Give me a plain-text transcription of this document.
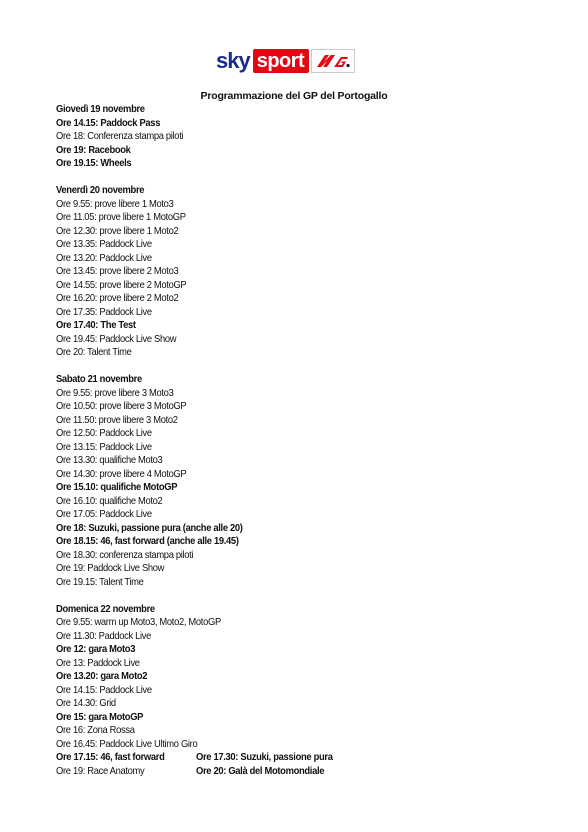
sky sport
Programmazione del GP del Portogallo
Giovedì 19 novembre
Ore 14.15: Paddock Pass
Ore 18: Conferenza stampa piloti
Ore 19: Racebook
Ore 19.15: Wheels
Venerdì 20 novembre
Ore 9.55: prove libere 1 Moto3
Ore 11.05: prove libere 1 MotoGP
Ore 12.30: prove libere 1 Moto2
Ore 13.35: Paddock Live
Ore 13.20: Paddock Live
Ore 13.45: prove libere 2 Moto3
Ore 14.55: prove libere 2 MotoGP
Ore 16.20: prove libere 2 Moto2
Ore 17.35: Paddock Live
Ore 17.40: The Test
Ore 19.45: Paddock Live Show
Ore 20: Talent Time
Sabato 21 novembre
Ore 9.55: prove libere 3 Moto3
Ore 10.50: prove libere 3 MotoGP
Ore 11.50: prove libere 3 Moto2
Ore 12.50: Paddock Live
Ore 13.15: Paddock Live
Ore 13.30: qualifiche Moto3
Ore 14.30: prove libere 4 MotoGP
Ore 15.10: qualifiche MotoGP
Ore 16.10: qualifiche Moto2
Ore 17.05: Paddock Live
Ore 18: Suzuki, passione pura (anche alle 20)
Ore 18.15: 46, fast forward (anche alle 19.45)
Ore 18.30: conferenza stampa piloti
Ore 19: Paddock Live Show
Ore 19.15: Talent Time
Domenica 22 novembre
Ore 9.55: warm up Moto3, Moto2, MotoGP
Ore 11.30: Paddock Live
Ore 12: gara Moto3
Ore 13: Paddock Live
Ore 13.20: gara Moto2
Ore 14.15: Paddock Live
Ore 14.30: Grid
Ore 15: gara MotoGP
Ore 16: Zona Rossa
Ore 16.45: Paddock Live Ultimo Giro
Ore 17.15: 46, fast forward	Ore 17.30: Suzuki, passione pura
Ore 19: Race Anatomy	Ore 20: Galà del Motomondiale
